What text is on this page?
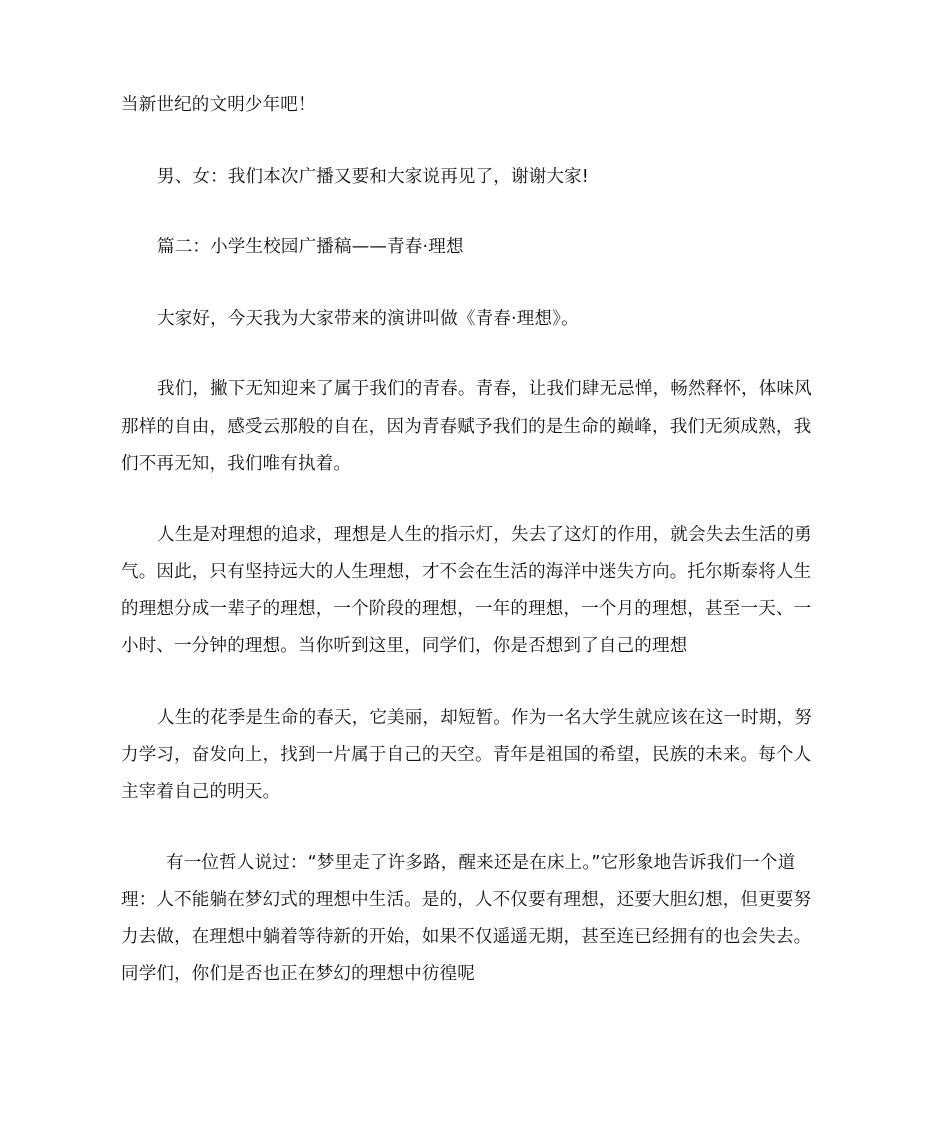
当新世纪的文明少年吧！
男、女：我们本次广播又要和大家说再见了，谢谢大家!
篇二：小学生校园广播稿——青春·理想
大家好，今天我为大家带来的演讲叫做《青春·理想》。
我们，撇下无知迎来了属于我们的青春。青春，让我们肆无忌惮，畅然释怀，体味风
那样的自由，感受云那般的自在，因为青春赋予我们的是生命的巅峰，我们无须成熟，我
们不再无知，我们唯有执着。
人生是对理想的追求，理想是人生的指示灯，失去了这灯的作用，就会失去生活的勇
气。因此，只有坚持远大的人生理想，才不会在生活的海洋中迷失方向。托尔斯泰将人生
的理想分成一辈子的理想，一个阶段的理想，一年的理想，一个月的理想，甚至一天、一
小时、一分钟的理想。当你听到这里，同学们，你是否想到了自己的理想
人生的花季是生命的春天，它美丽，却短暂。作为一名大学生就应该在这一时期，努
力学习，奋发向上，找到一片属于自己的天空。青年是祖国的希望，民族的未来。每个人
主宰着自己的明天。
有一位哲人说过：“梦里走了许多路，醒来还是在床上。”它形象地告诉我们一个道
理：人不能躺在梦幻式的理想中生活。是的，人不仅要有理想，还要大胆幻想，但更要努
力去做，在理想中躺着等待新的开始，如果不仅遥遥无期，甚至连已经拥有的也会失去。
同学们，你们是否也正在梦幻的理想中彷徨呢
